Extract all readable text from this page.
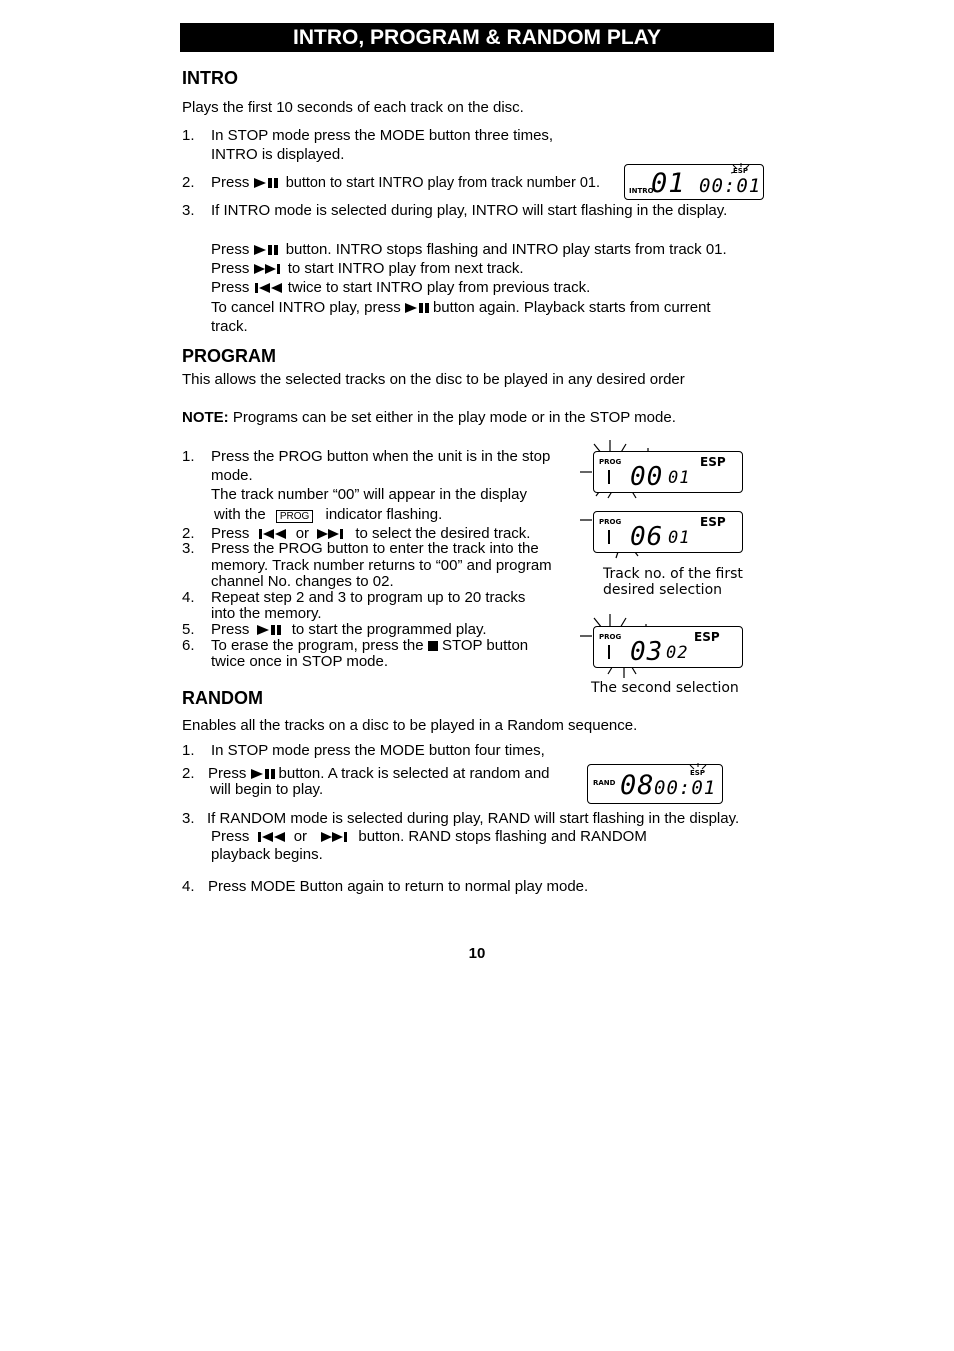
INTRO, PROGRAM & RANDOM PLAY
INTRO
Plays the first 10 seconds of each track on the disc.
1. In STOP mode press the MODE button three times,
INTRO is displayed.
2. Press	button to start INTRO play from track number 01.	INTRO
01 00:01
ESP
3. If INTRO mode is selected during play, INTRO will start flashing in the display.
Press button. INTRO stops flashing and INTRO play starts from track 01.
Press	to start INTRO play from next track.
Press	twice to start INTRO play from previous track.
To cancel INTRO play, press button again. Playback starts from current
track.
PROGRAM
This allows the selected tracks on the disc to be played in any desired order
NOTE: Programs can be set either in the play mode or in the STOP mode.
1. Press the PROG button when the unit is in the stop
mode.
The track number “00” will appear in the display
with the PROG indicator flashing.
2. Press	or	to select the desired track.
3. Press the PROG button to enter the track into the
memory. Track number returns to “00” and program
channel No. changes to 02.
4. Repeat step 2 and 3 to program up to 20 tracks
into the memory.
5. Press	to start the programmed play.
6. To erase the program, press the STOP button
twice once in STOP mode.
PROG	ESP
00 01
PROG	ESP
06 01
Track no. of the first
desired selection
PROG	ESP
03 02
The second selection
RANDOM
Enables all the tracks on a disc to be played in a Random sequence.
1. In STOP mode press the MODE button four times,
2. Press button. A track is selected at random and
will begin to play.	RAND 08 00:01
ESP
3. If RANDOM mode is selected during play, RAND will start flashing in the display.
Press	or	button. RAND stops flashing and RANDOM
playback begins.
4. Press MODE Button again to return to normal play mode.
10
